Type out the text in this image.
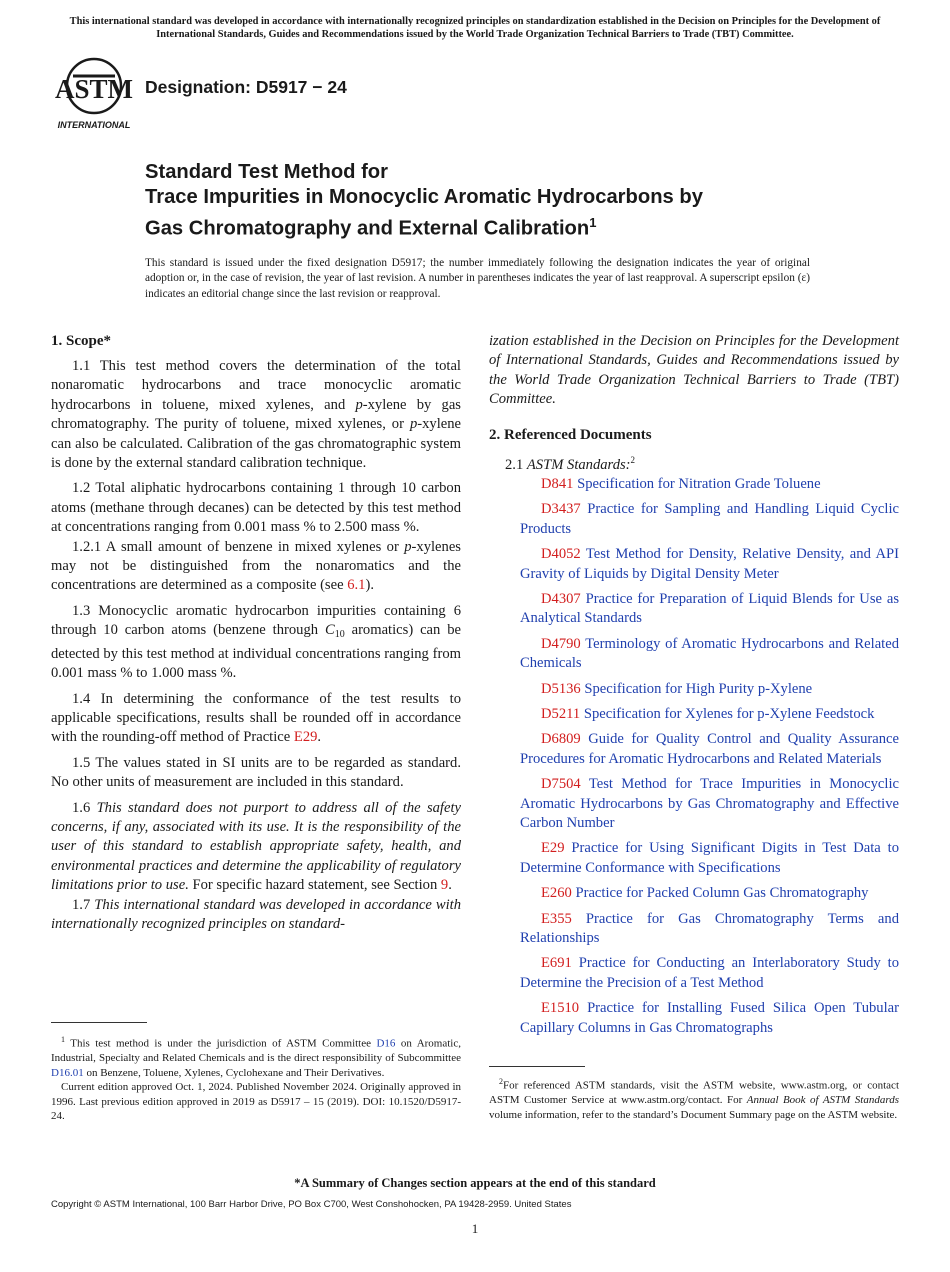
This international standard was developed in accordance with internationally recognized principles on standardization established in the Decision on Principles for the Development of International Standards, Guides and Recommendations issued by the World Trade Organization Technical Barriers to Trade (TBT) Committee.
ASTM
INTERNATIONAL
Designation: D5917 − 24
Standard Test Method for
Trace Impurities in Monocyclic Aromatic Hydrocarbons by
Gas Chromatography and External Calibration$^1$
This standard is issued under the fixed designation D5917; the number immediately following the designation indicates the year of original adoption or, in the case of revision, the year of last revision. A number in parentheses indicates the year of last reapproval. A superscript epsilon (ε) indicates an editorial change since the last revision or reapproval.
1. Scope*

1.1 This test method covers the determination of the total nonaromatic hydrocarbons and trace monocyclic aromatic hydrocarbons in toluene, mixed xylenes, and p-xylene by gas chromatography. The purity of toluene, mixed xylenes, or p-xylene can also be calculated. Calibration of the gas chromatographic system is done by the external standard calibration technique.

1.2 Total aliphatic hydrocarbons containing 1 through 10 carbon atoms (methane through decanes) can be detected by this test method at concentrations ranging from 0.001 mass % to 2.500 mass %.

1.2.1 A small amount of benzene in mixed xylenes or p-xylenes may not be distinguished from the nonaromatics and the concentrations are determined as a composite (see 6.1).

1.3 Monocyclic aromatic hydrocarbon impurities containing 6 through 10 carbon atoms (benzene through $C_{10}$ aromatics) can be detected by this test method at individual concentrations ranging from 0.001 mass % to 1.000 mass %.

1.4 In determining the conformance of the test results to applicable specifications, results shall be rounded off in accordance with the rounding-off method of Practice E29.

1.5 The values stated in SI units are to be regarded as standard. No other units of measurement are included in this standard.

1.6 This standard does not purport to address all of the safety concerns, if any, associated with its use. It is the responsibility of the user of this standard to establish appropriate safety, health, and environmental practices and determine the applicability of regulatory limitations prior to use. For specific hazard statement, see Section 9.

1.7 This international standard was developed in accordance with internationally recognized principles on standard-

ization established in the Decision on Principles for the Development of International Standards, Guides and Recommendations issued by the World Trade Organization Technical Barriers to Trade (TBT) Committee.

2. Referenced Documents
2.1 ASTM Standards:$^2$

D841 Specification for Nitration Grade Toluene

D3437 Practice for Sampling and Handling Liquid Cyclic Products

D4052 Test Method for Density, Relative Density, and API Gravity of Liquids by Digital Density Meter

D4307 Practice for Preparation of Liquid Blends for Use as Analytical Standards

D4790 Terminology of Aromatic Hydrocarbons and Related Chemicals

D5136 Specification for High Purity p-Xylene

D5211 Specification for Xylenes for p-Xylene Feedstock

D6809 Guide for Quality Control and Quality Assurance Procedures for Aromatic Hydrocarbons and Related Materials

D7504 Test Method for Trace Impurities in Monocyclic Aromatic Hydrocarbons by Gas Chromatography and Effective Carbon Number

E29 Practice for Using Significant Digits in Test Data to Determine Conformance with Specifications

E260 Practice for Packed Column Gas Chromatography

E355 Practice for Gas Chromatography Terms and Relationships

E691 Practice for Conducting an Interlaboratory Study to Determine the Precision of a Test Method

E1510 Practice for Installing Fused Silica Open Tubular Capillary Columns in Gas Chromatographs

$^1$ This test method is under the jurisdiction of ASTM Committee D16 on Aromatic, Industrial, Specialty and Related Chemicals and is the direct responsibility of Subcommittee D16.01 on Benzene, Toluene, Xylenes, Cyclohexane and Their Derivatives.

Current edition approved Oct. 1, 2024. Published November 2024. Originally approved in 1996. Last previous edition approved in 2019 as D5917 – 15 (2019). DOI: 10.1520/D5917-24.

$^2$For referenced ASTM standards, visit the ASTM website, www.astm.org, or contact ASTM Customer Service at www.astm.org/contact. For Annual Book of ASTM Standards volume information, refer to the standard’s Document Summary page on the ASTM website.

*A Summary of Changes section appears at the end of this standard
Copyright © ASTM International, 100 Barr Harbor Drive, PO Box C700, West Conshohocken, PA 19428-2959. United States
1
